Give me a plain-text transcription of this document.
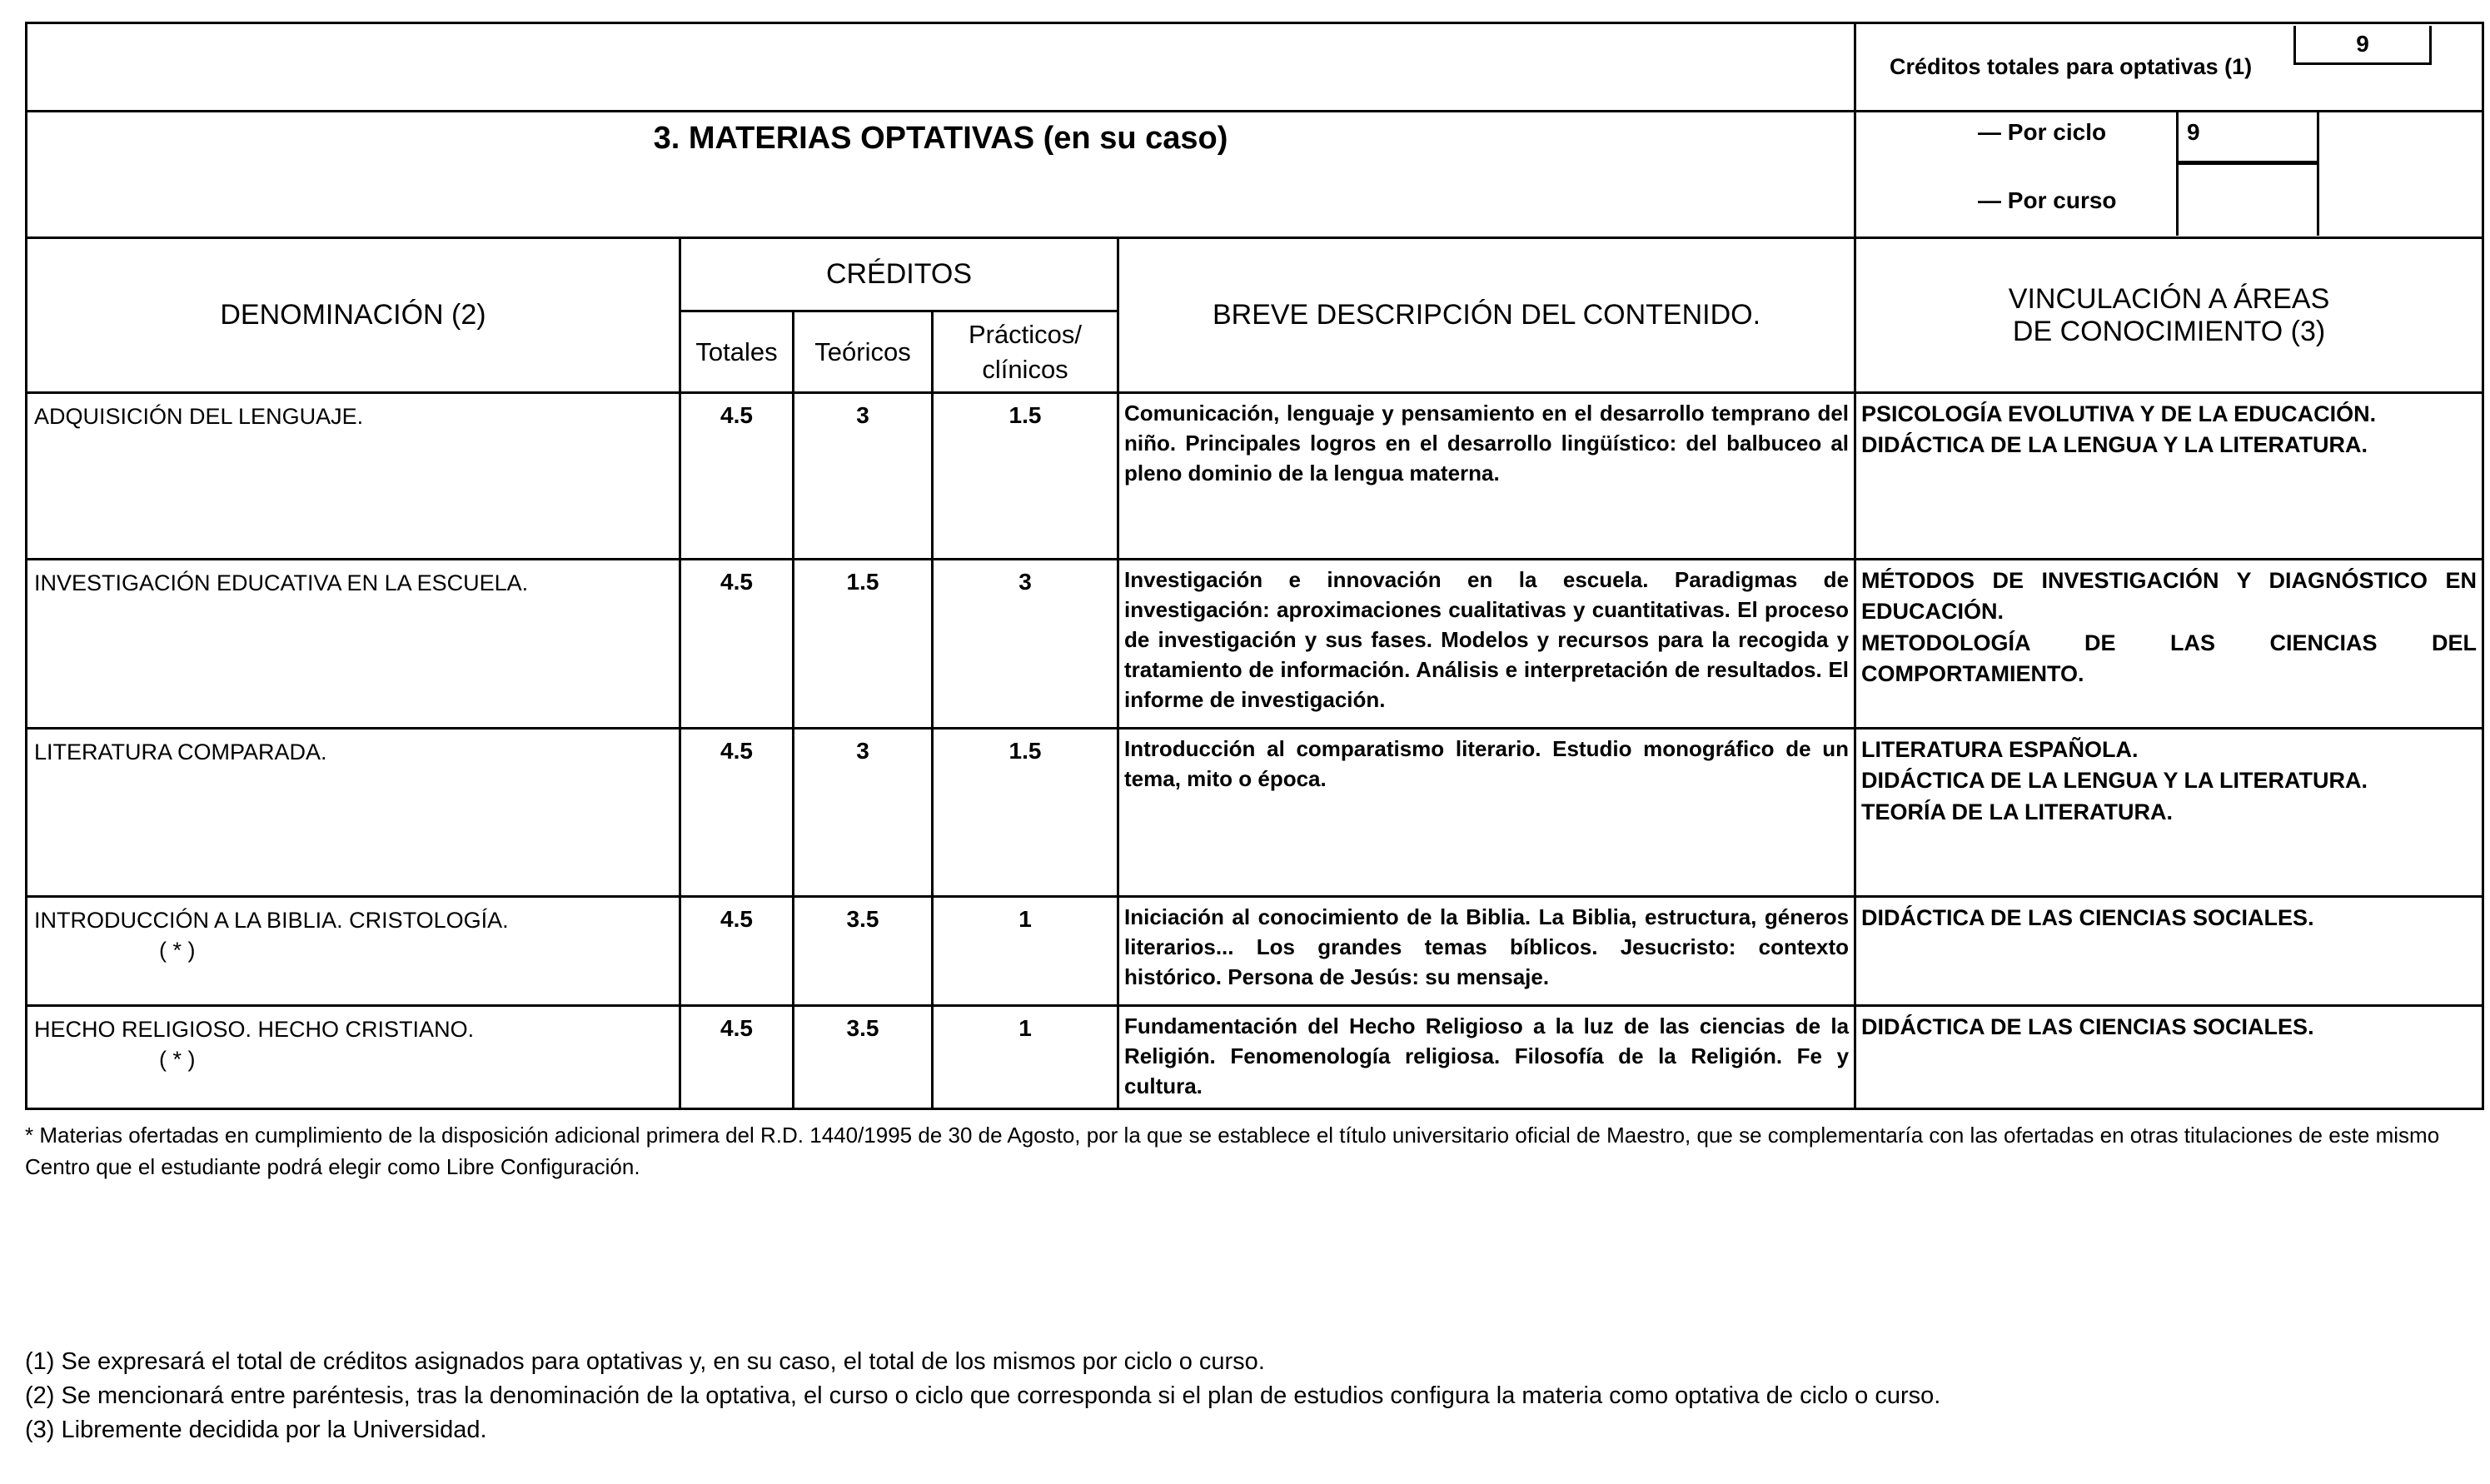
					Créditos totales para optativas (1)
9

3. MATERIAS OPTATIVAS (en su caso)					— Por ciclo 9
— Por curso

DENOMINACIÓN (2)	CRÉDITOS			BREVE DESCRIPCIÓN DEL CONTENIDO.	VINCULACIÓN A ÁREAS
DE CONOCIMIENTO (3)

	Totales	Teóricos	Prácticos/ clínicos		
ADQUISICIÓN DEL LENGUAJE.	4.5	3	1.5	Comunicación, lenguaje y pensamiento en el desarrollo temprano del niño. Principales logros en el desarrollo lingüístico: del balbuceo al pleno dominio de la lengua materna.	PSICOLOGÍA EVOLUTIVA Y DE LA EDUCACIÓN.
DIDÁCTICA DE LA LENGUA Y LA LITERATURA.

INVESTIGACIÓN EDUCATIVA EN LA ESCUELA.	4.5	1.5	3	Investigación e innovación en la escuela. Paradigmas de investigación: aproximaciones cualitativas y cuantitativas. El proceso de investigación y sus fases. Modelos y recursos para la recogida y tratamiento de información. Análisis e interpretación de resultados. El informe de investigación.	MÉTODOS DE INVESTIGACIÓN Y DIAGNÓSTICO EN EDUCACIÓN.
METODOLOGÍA DE LAS CIENCIAS DEL COMPORTAMIENTO.

LITERATURA COMPARADA.	4.5	3	1.5	Introducción al comparatismo literario. Estudio monográfico de un tema, mito o época.	LITERATURA ESPAÑOLA.
DIDÁCTICA DE LA LENGUA Y LA LITERATURA.
TEORÍA DE LA LITERATURA.

INTRODUCCIÓN A LA BIBLIA. CRISTOLOGÍA.
( * )	4.5	3.5	1	Iniciación al conocimiento de la Biblia. La Biblia, estructura, géneros literarios... Los grandes temas bíblicos. Jesucristo: contexto histórico. Persona de Jesús: su mensaje.	DIDÁCTICA DE LAS CIENCIAS SOCIALES.

HECHO RELIGIOSO. HECHO CRISTIANO.
( * )	4.5	3.5	1	Fundamentación del Hecho Religioso a la luz de las ciencias de la Religión. Fenomenología religiosa. Filosofía de la Religión. Fe y cultura.	DIDÁCTICA DE LAS CIENCIAS SOCIALES.
* Materias ofertadas en cumplimiento de la disposición adicional primera del R.D. 1440/1995 de 30 de Agosto, por la que se establece el título universitario oficial de Maestro, que se complementaría con las ofertadas en otras titulaciones de este mismo Centro que el estudiante podrá elegir como Libre Configuración.
(1) Se expresará el total de créditos asignados para optativas y, en su caso, el total de los mismos por ciclo o curso.
(2) Se mencionará entre paréntesis, tras la denominación de la optativa, el curso o ciclo que corresponda si el plan de estudios configura la materia como optativa de ciclo o curso.
(3) Libremente decidida por la Universidad.
